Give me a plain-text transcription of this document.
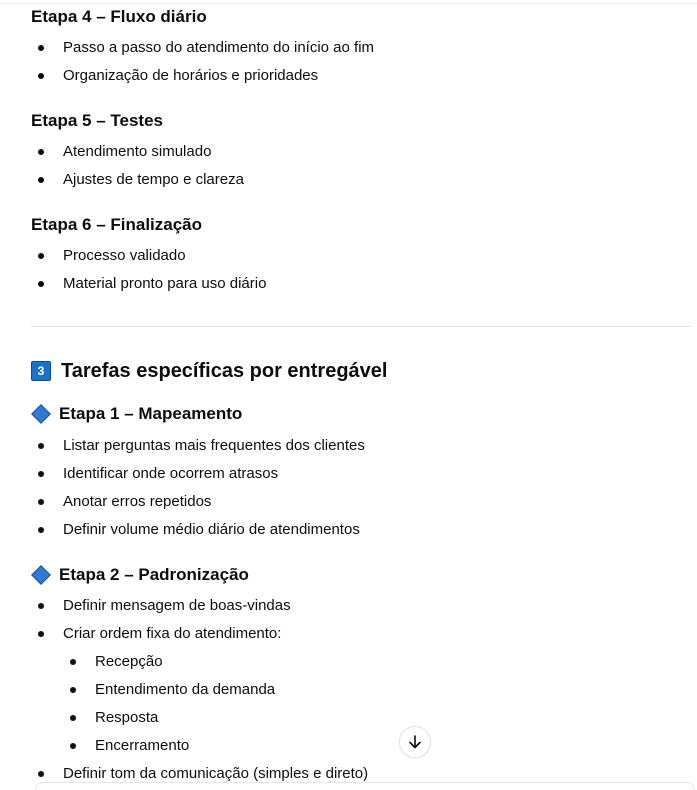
Etapa 4 – Fluxo diário
Passo a passo do atendimento do início ao fim
Organização de horários e prioridades
Etapa 5 – Testes
Atendimento simulado
Ajustes de tempo e clareza
Etapa 6 – Finalização
Processo validado
Material pronto para uso diário
3 Tarefas específicas por entregável
Etapa 1 – Mapeamento
Listar perguntas mais frequentes dos clientes
Identificar onde ocorrem atrasos
Anotar erros repetidos
Definir volume médio diário de atendimentos
Etapa 2 – Padronização
Definir mensagem de boas-vindas
Criar ordem fixa do atendimento:
Recepção
Entendimento da demanda
Resposta
Encerramento
Definir tom da comunicação (simples e direto)
